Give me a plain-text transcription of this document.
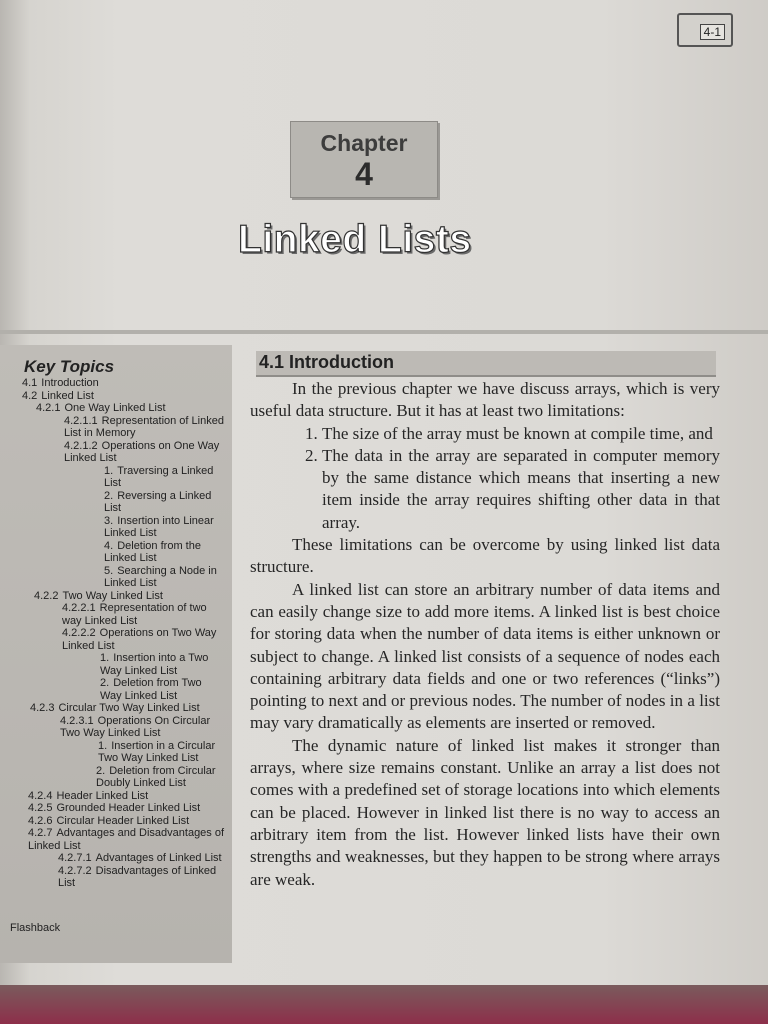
4-1
Chapter
4
Linked Lists
Key Topics
4.1 Introduction
4.2 Linked List
4.2.1 One Way Linked List
4.2.1.1 Representation of Linked List in Memory
4.2.1.2 Operations on One Way Linked List
1. Traversing a Linked List
2. Reversing a Linked List
3. Insertion into Linear Linked List
4. Deletion from the Linked List
5. Searching a Node in Linked List
4.2.2 Two Way Linked List
4.2.2.1 Representation of two way Linked List
4.2.2.2 Operations on Two Way Linked List
1. Insertion into a Two Way Linked List
2. Deletion from Two Way Linked List
4.2.3 Circular Two Way Linked List
4.2.3.1 Operations On Circular Two Way Linked List
1. Insertion in a Circular Two Way Linked List
2. Deletion from Circular Doubly Linked List
4.2.4 Header Linked List
4.2.5 Grounded Header Linked List
4.2.6 Circular Header Linked List
4.2.7 Advantages and Disadvantages of Linked List
4.2.7.1 Advantages of Linked List
4.2.7.2 Disadvantages of Linked List
Flashback
4.1 Introduction

In the previous chapter we have discuss arrays, which is very useful data structure. But it has at least two limitations:

1. The size of the array must be known at compile time, and
2. The data in the array are separated in computer memory by the same distance which means that inserting a new item inside the array requires shifting other data in that array.

These limitations can be overcome by using linked list data structure.

A linked list can store an arbitrary number of data items and can easily change size to add more items. A linked list is best choice for storing data when the number of data items is either unknown or subject to change. A linked list consists of a sequence of nodes each containing arbitrary data fields and one or two references (“links”) pointing to next and or previous nodes. The number of nodes in a list may vary dramatically as elements are inserted or removed.

The dynamic nature of linked list makes it stronger than arrays, where size remains constant. Unlike an array a list does not comes with a predefined set of storage locations into which elements can be placed. However in linked list there is no way to access an arbitrary item from the list. However linked lists have their own strengths and weaknesses, but they happen to be strong where arrays are weak.
